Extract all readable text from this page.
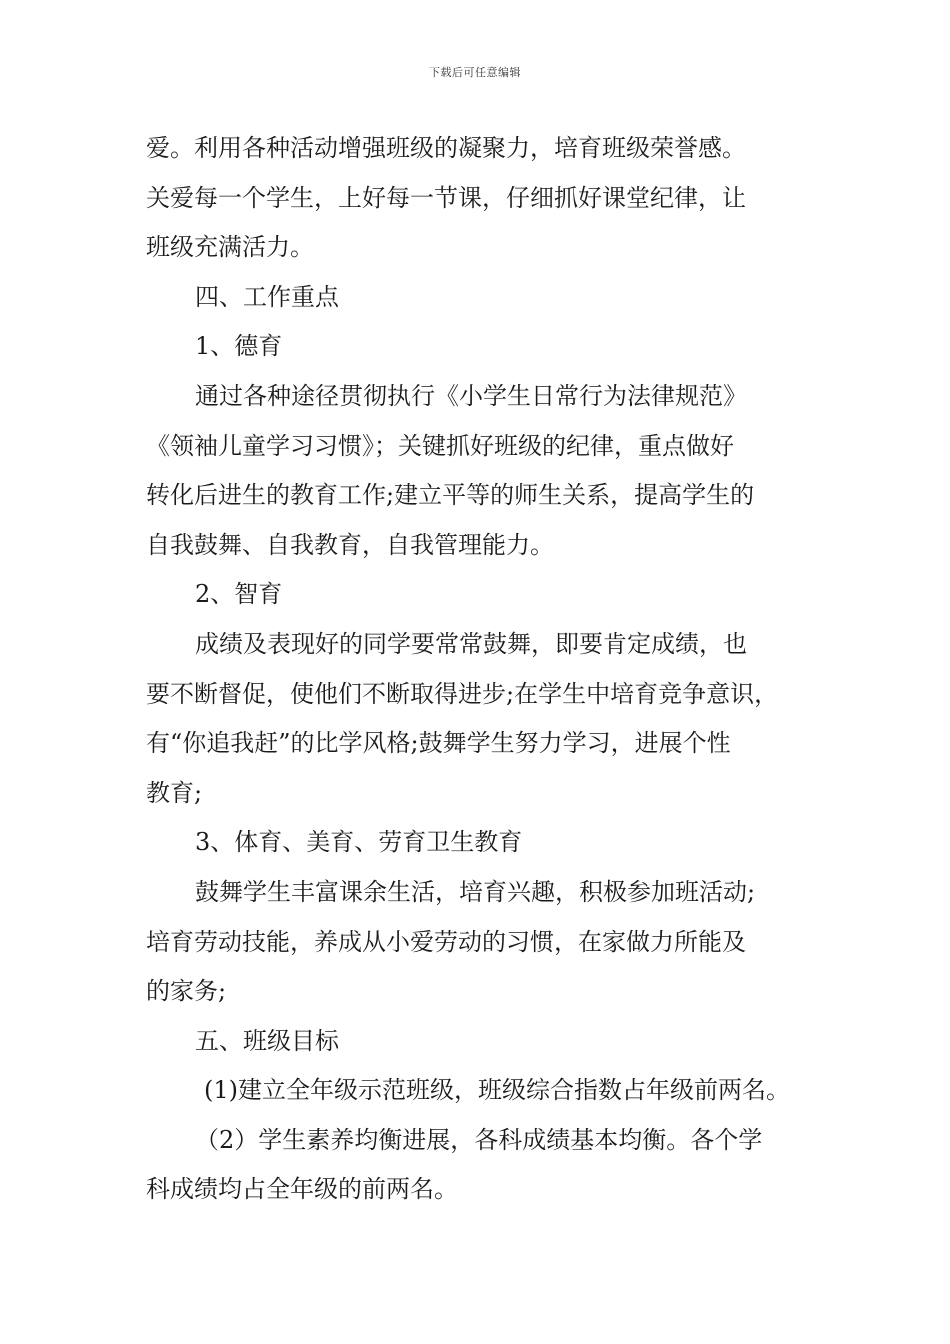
下载后可任意编辑

爱。利用各种活动增强班级的凝聚力，培育班级荣誉感。

关爱每一个学生，上好每一节课，仔细抓好课堂纪律，让

班级充满活力。

四、工作重点

1、德育

通过各种途径贯彻执行《小学生日常行为法律规范》

《领袖儿童学习习惯》；关键抓好班级的纪律，重点做好

转化后进生的教育工作;建立平等的师生关系，提高学生的

自我鼓舞、自我教育，自我管理能力。

2、智育

成绩及表现好的同学要常常鼓舞，即要肯定成绩，也

要不断督促，使他们不断取得进步;在学生中培育竞争意识，

有“你追我赶”的比学风格;鼓舞学生努力学习，进展个性

教育;

3、体育、美育、劳育卫生教育

鼓舞学生丰富课余生活，培育兴趣，积极参加班活动;

培育劳动技能，养成从小爱劳动的习惯，在家做力所能及

的家务;

五、班级目标

(1)建立全年级示范班级，班级综合指数占年级前两名。

（2）学生素养均衡进展，各科成绩基本均衡。各个学

科成绩均占全年级的前两名。
